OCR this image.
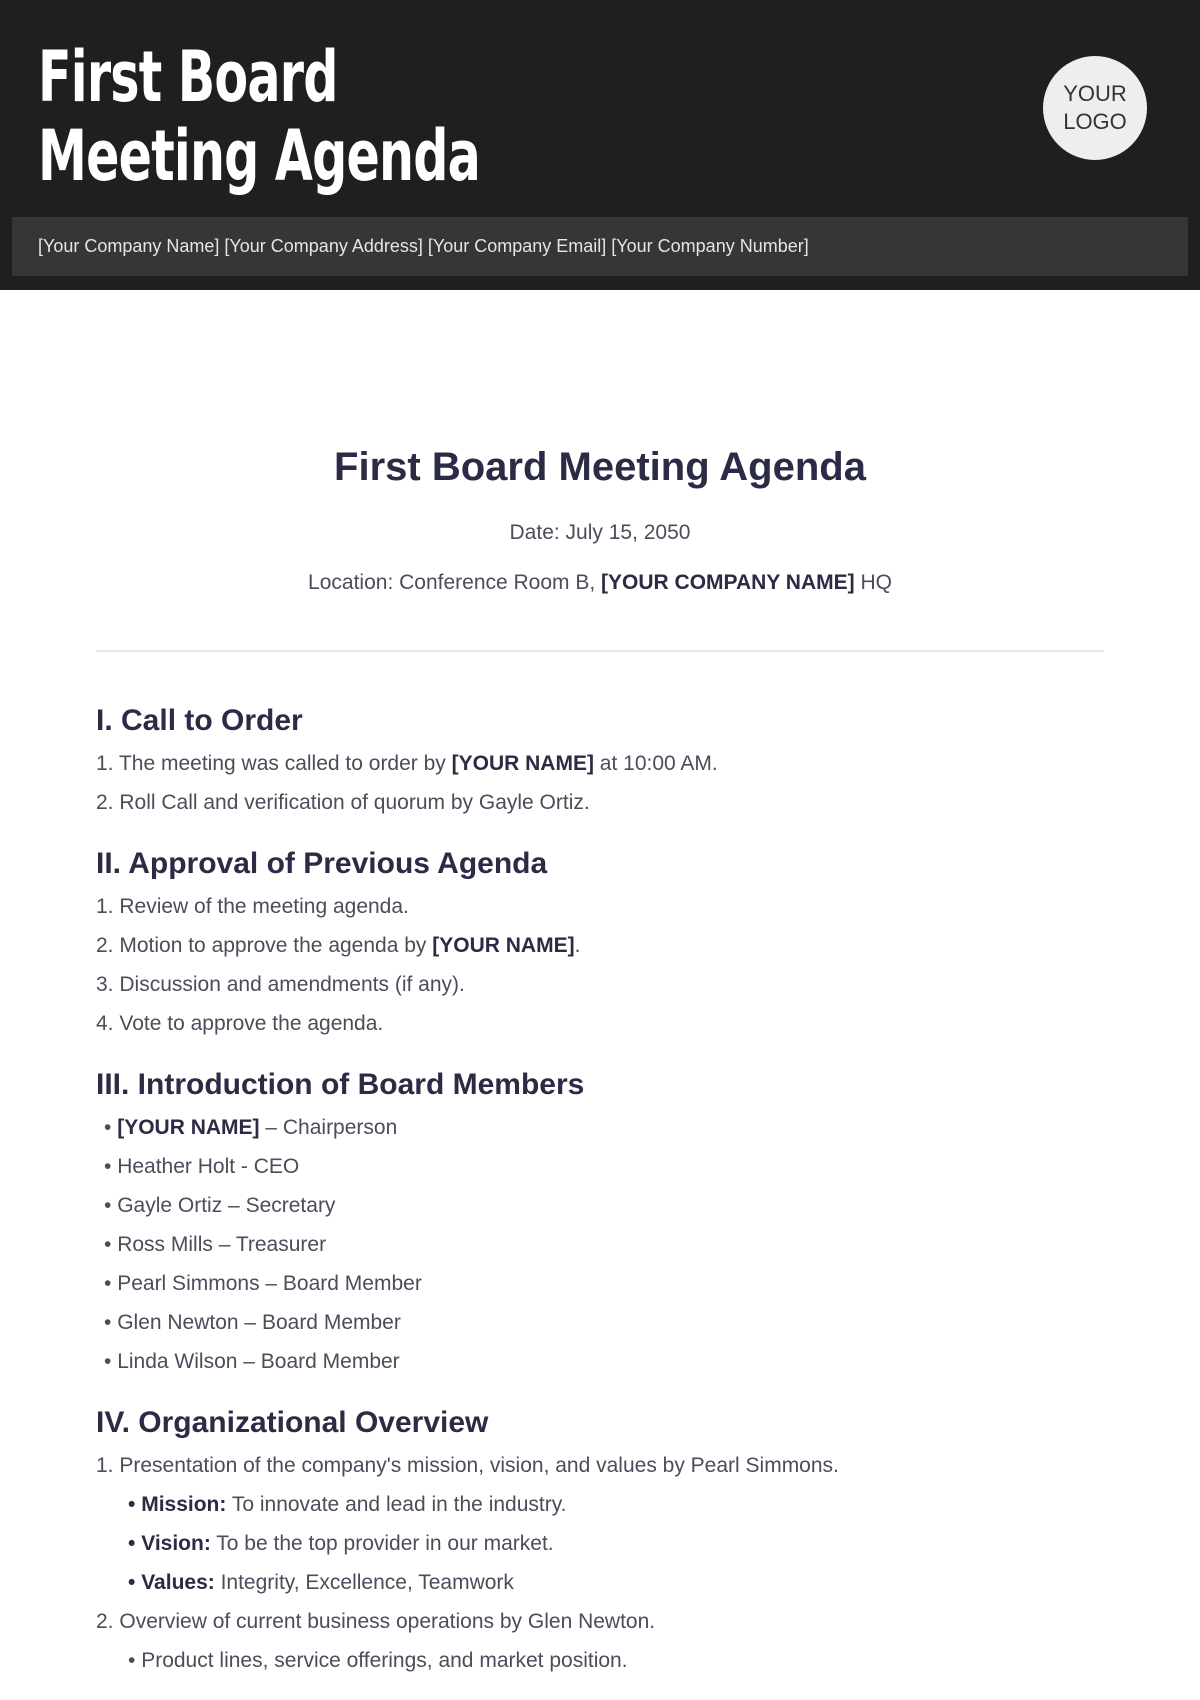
First Board
Meeting Agenda
YOUR
LOGO
[Your Company Name] [Your Company Address] [Your Company Email] [Your Company Number]
First Board Meeting Agenda
Date: July 15, 2050
Location: Conference Room B, [YOUR COMPANY NAME] HQ
I. Call to Order
1. The meeting was called to order by [YOUR NAME] at 10:00 AM.
2. Roll Call and verification of quorum by Gayle Ortiz.
II. Approval of Previous Agenda
1. Review of the meeting agenda.
2. Motion to approve the agenda by [YOUR NAME].
3. Discussion and amendments (if any).
4. Vote to approve the agenda.
III. Introduction of Board Members
• [YOUR NAME] – Chairperson
• Heather Holt - CEO
• Gayle Ortiz – Secretary
• Ross Mills – Treasurer
• Pearl Simmons – Board Member
• Glen Newton – Board Member
• Linda Wilson – Board Member
IV. Organizational Overview
1. Presentation of the company's mission, vision, and values by Pearl Simmons.
• Mission: To innovate and lead in the industry.
• Vision: To be the top provider in our market.
• Values: Integrity, Excellence, Teamwork
2. Overview of current business operations by Glen Newton.
• Product lines, service offerings, and market position.
